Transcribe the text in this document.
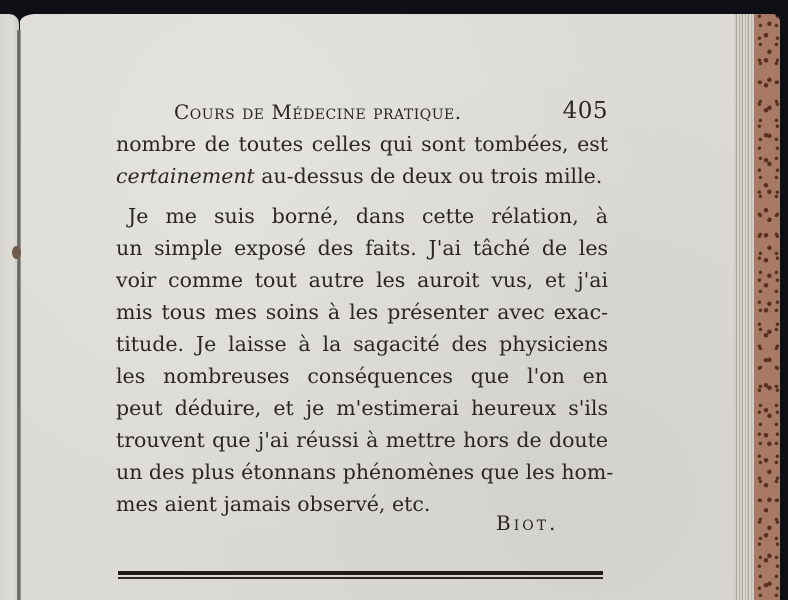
Cours de Médecine pratique.	405
nombre de toutes celles qui sont tombées, est
certainement au-dessus de deux ou trois mille.
Je me suis borné, dans cette rélation, à
un simple exposé des faits. J'ai tâché de les
voir comme tout autre les auroit vus, et j'ai
mis tous mes soins à les présenter avec exac-
titude. Je laisse à la sagacité des physiciens
les nombreuses conséquences que l'on en
peut déduire, et je m'estimerai heureux s'ils
trouvent que j'ai réussi à mettre hors de doute
un des plus étonnans phénomènes que les hom-
mes aient jamais observé, etc.
Biot.
